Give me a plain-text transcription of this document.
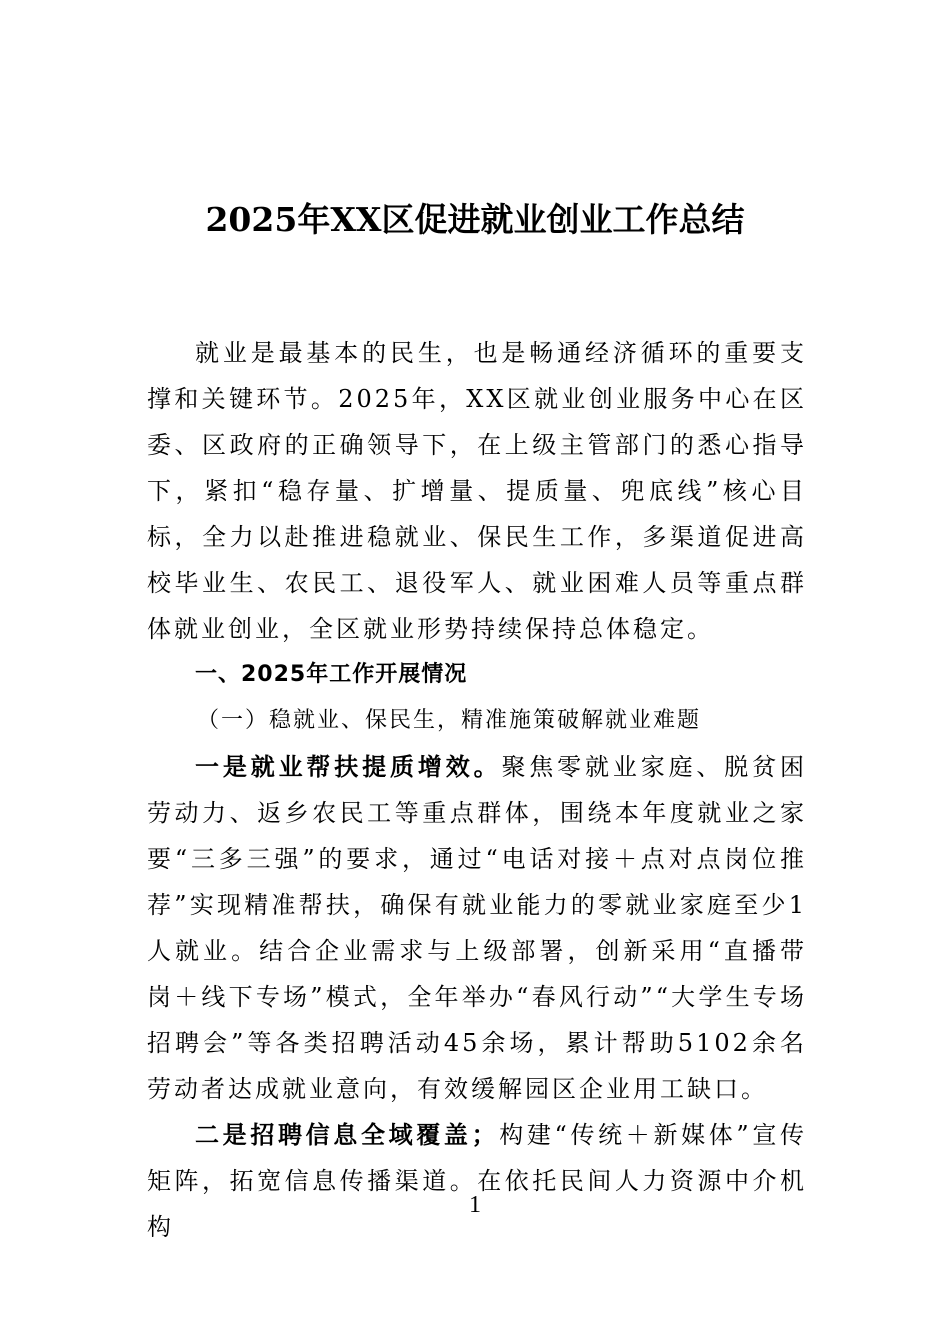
2025年XX区促进就业创业工作总结

就业是最基本的民生，也是畅通经济循环的重要支撑和关键环节。2025年，XX区就业创业服务中心在区委、区政府的正确领导下，在上级主管部门的悉心指导下，紧扣“稳存量、扩增量、提质量、兜底线”核心目标，全力以赴推进稳就业、保民生工作，多渠道促进高校毕业生、农民工、退役军人、就业困难人员等重点群体就业创业，全区就业形势持续保持总体稳定。

一、2025年工作开展情况

（一）稳就业、保民生，精准施策破解就业难题

一是就业帮扶提质增效。聚焦零就业家庭、脱贫困劳动力、返乡农民工等重点群体，围绕本年度就业之家要“三多三强”的要求，通过“电话对接＋点对点岗位推荐”实现精准帮扶，确保有就业能力的零就业家庭至少1人就业。结合企业需求与上级部署，创新采用“直播带岗＋线下专场”模式，全年举办“春风行动”“大学生专场招聘会”等各类招聘活动45余场，累计帮助5102余名劳动者达成就业意向，有效缓解园区企业用工缺口。

二是招聘信息全域覆盖；构建“传统＋新媒体”宣传矩阵，拓宽信息传播渠道。在依托民间人力资源中介机构

1
